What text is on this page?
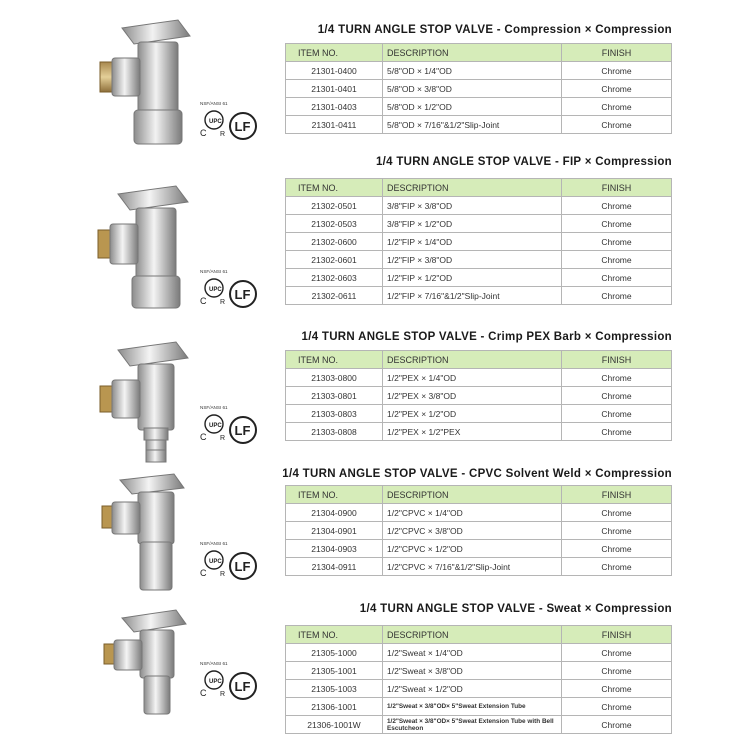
NSF/ANSI 61
UPC
C R
LF
1/4 TURN ANGLE STOP VALVE - Compression × Compression
ITEM NO.	DESCRIPTION	FINISH
21301-0400	5/8"OD × 1/4"OD	Chrome
21301-0401	5/8"OD × 3/8"OD	Chrome
21301-0403	5/8"OD × 1/2"OD	Chrome
21301-0411	5/8"OD × 7/16"&1/2"Slip-Joint	Chrome
NSF/ANSI 61
UPC
C R
LF
1/4 TURN ANGLE STOP VALVE - FIP × Compression
ITEM NO.	DESCRIPTION	FINISH
21302-0501	3/8"FIP × 3/8"OD	Chrome
21302-0503	3/8"FIP × 1/2"OD	Chrome
21302-0600	1/2"FIP × 1/4"OD	Chrome
21302-0601	1/2"FIP × 3/8"OD	Chrome
21302-0603	1/2"FIP × 1/2"OD	Chrome
21302-0611	1/2"FIP × 7/16"&1/2"Slip-Joint	Chrome
NSF/ANSI 61
UPC
C R
LF
1/4 TURN ANGLE STOP VALVE - Crimp PEX Barb × Compression
ITEM NO.	DESCRIPTION	FINISH
21303-0800	1/2"PEX × 1/4"OD	Chrome
21303-0801	1/2"PEX × 3/8"OD	Chrome
21303-0803	1/2"PEX × 1/2"OD	Chrome
21303-0808	1/2"PEX × 1/2"PEX	Chrome
NSF/ANSI 61
UPC
C R
LF
1/4 TURN ANGLE STOP VALVE - CPVC Solvent Weld × Compression
ITEM NO.	DESCRIPTION	FINISH
21304-0900	1/2"CPVC × 1/4"OD	Chrome
21304-0901	1/2"CPVC × 3/8"OD	Chrome
21304-0903	1/2"CPVC × 1/2"OD	Chrome
21304-0911	1/2"CPVC × 7/16"&1/2"Slip-Joint	Chrome
NSF/ANSI 61
UPC
C R
LF
1/4 TURN ANGLE STOP VALVE - Sweat × Compression
ITEM NO.	DESCRIPTION	FINISH
21305-1000	1/2"Sweat × 1/4"OD	Chrome
21305-1001	1/2"Sweat × 3/8"OD	Chrome
21305-1003	1/2"Sweat × 1/2"OD	Chrome
21306-1001	1/2"Sweat × 3/8"OD× 5"Sweat Extension Tube	Chrome
21306-1001W	1/2"Sweat × 3/8"OD× 5"Sweat Extension Tube with Bell Escutcheon	Chrome
